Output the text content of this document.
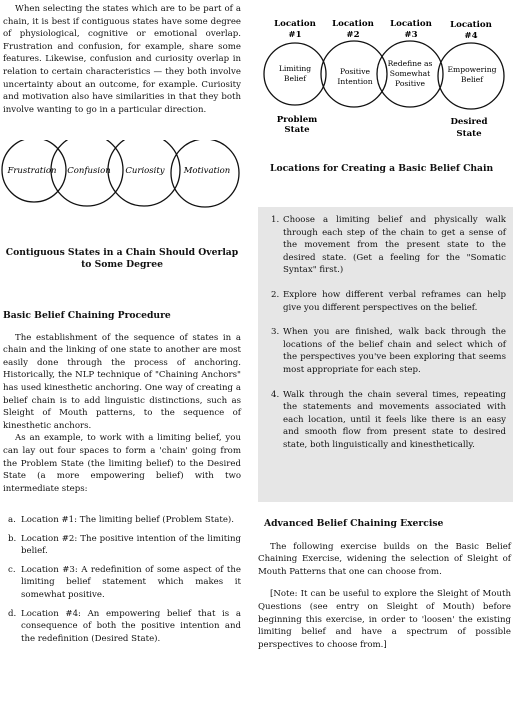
When selecting the states which are to be part of a chain, it is best if contiguous states have some degree of physiological, cognitive or emotional overlap. Frustration and confusion, for example, share some features. Likewise, confusion and curiosity overlap in relation to certain characteristics — they both involve uncertainty about an outcome, for example. Curiosity and motivation also have similarities in that they both involve wanting to go in a particular direction.

Frustration Confusion Curiosity Motivation
Contiguous States in a Chain Should Overlap to Some Degree
Basic Belief Chaining Procedure

The establishment of the sequence of states in a chain and the linking of one state to another are most easily done through the process of anchoring. Historically, the NLP technique of "Chaining Anchors" has used kinesthetic anchoring. One way of creating a belief chain is to add linguistic distinctions, such as Sleight of Mouth patterns, to the sequence of kinesthetic anchors.

As an example, to work with a limiting belief, you can lay out four spaces to form a 'chain' going from the Problem State (the limiting belief) to the Desired State (a more empowering belief) with two intermediate steps:

a. Location #1: The limiting belief (Problem State).
b. Location #2: The positive intention of the limiting belief.
c. Location #3: A redefinition of some aspect of the limiting belief statement which makes it somewhat positive.
d. Location #4: An empowering belief that is a consequence of both the positive intention and the redefinition (Desired State).
Location
#1
Location
#2
Location
#3
Location
#4
Limiting
Belief
Positive
Intention
Redefine as
Somewhat
Positive
Empowering
Belief
Problem
State
Desired
State
Locations for Creating a Basic Belief Chain
1. Choose a limiting belief and physically walk through each step of the chain to get a sense of the movement from the present state to the desired state. (Get a feeling for the "Somatic Syntax" first.)
2. Explore how different verbal reframes can help give you different perspectives on the belief.
3. When you are finished, walk back through the locations of the belief chain and select which of the perspectives you've been exploring that seems most appropriate for each step.
4. Walk through the chain several times, repeating the statements and movements associated with each location, until it feels like there is an easy and smooth flow from present state to desired state, both linguistically and kinesthetically.
Advanced Belief Chaining Exercise

The following exercise builds on the Basic Belief Chaining Exercise, widening the selection of Sleight of Mouth Patterns that one can choose from.

[Note: It can be useful to explore the Sleight of Mouth Questions (see entry on Sleight of Mouth) before beginning this exercise, in order to 'loosen' the existing limiting belief and have a spectrum of possible perspectives to choose from.]
